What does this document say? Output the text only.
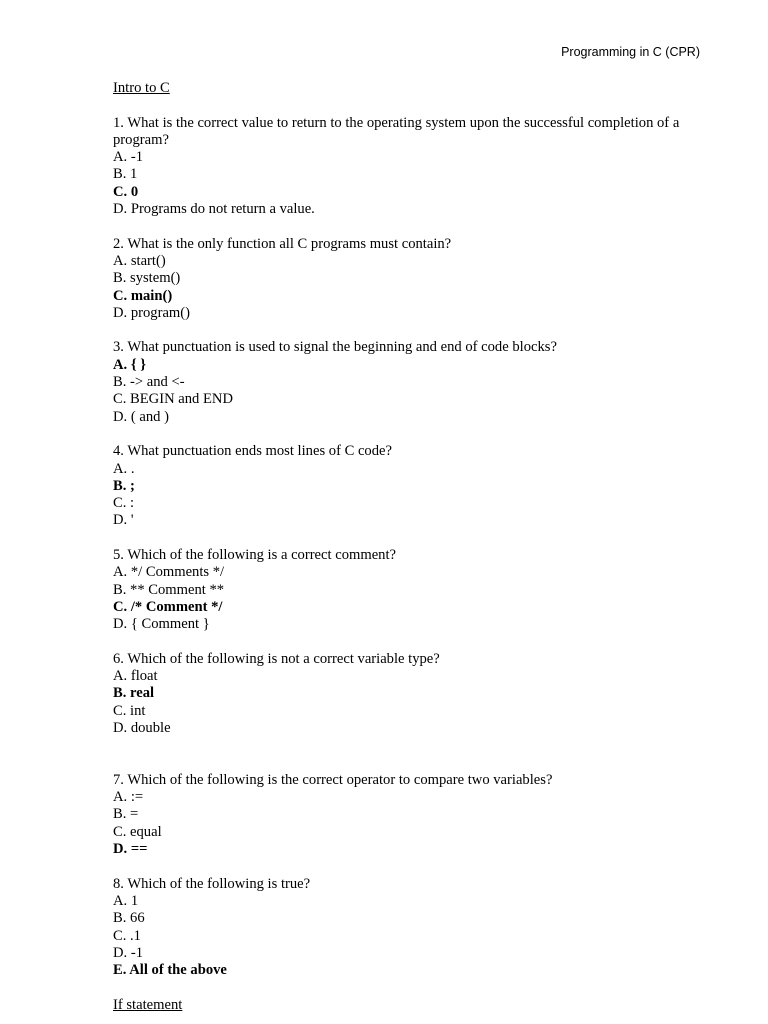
Programming in C (CPR)

Intro to C

1. What is the correct value to return to the operating system upon the successful completion of a program?

A. -1

B. 1

C. 0

D. Programs do not return a value.

2. What is the only function all C programs must contain?

A. start()

B. system()

C. main()

D. program()

3. What punctuation is used to signal the beginning and end of code blocks?

A. { }

B. -> and <-

C. BEGIN and END

D. ( and )

4. What punctuation ends most lines of C code?

A. .

B. ;

C. :

D. '

5. Which of the following is a correct comment?

A. */ Comments */

B. ** Comment **

C. /* Comment */

D. { Comment }

6. Which of the following is not a correct variable type?

A. float

B. real

C. int

D. double

7. Which of the following is the correct operator to compare two variables?

A. :=

B. =

C. equal

D. ==

8. Which of the following is true?

A. 1

B. 66

C. .1

D. -1

E. All of the above

If statement
